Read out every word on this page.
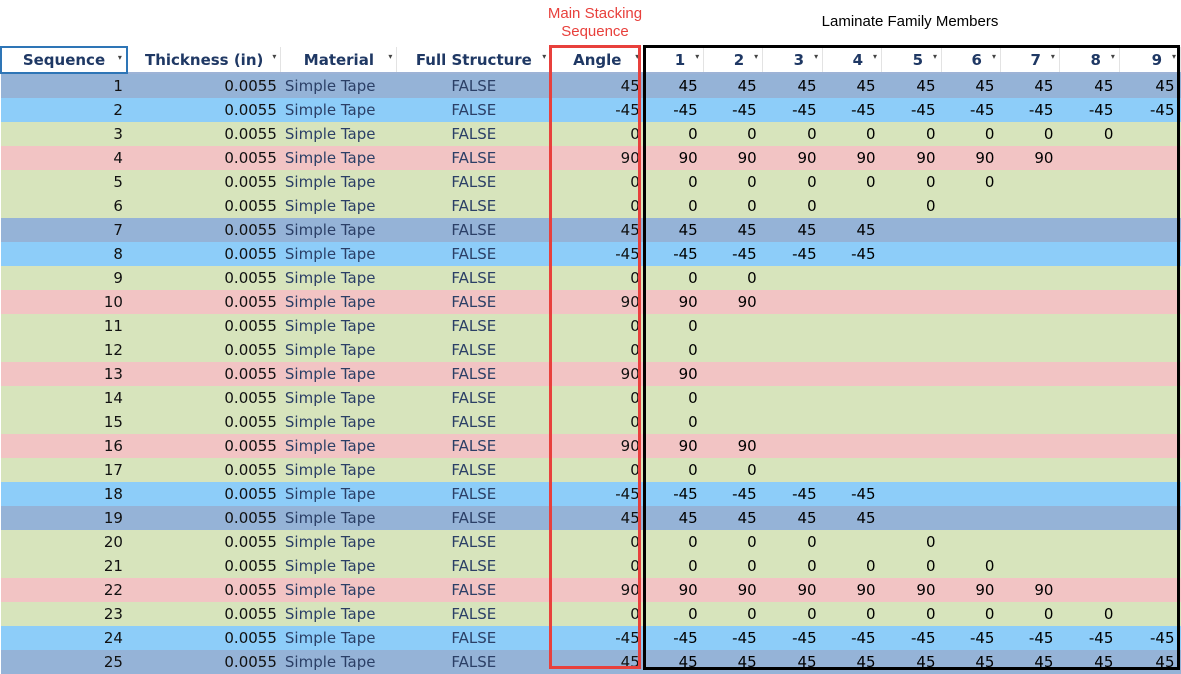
Main Stacking
Sequence
Laminate Family Members
Sequence ▾	Thickness (in) ▾	Material ▾	Full Structure ▾	Angle ▾	1 ▾	2 ▾	3 ▾	4 ▾	5 ▾	6 ▾	7 ▾	8 ▾	9 ▾

1	0.0055	Simple Tape	FALSE	45	45	45	45	45	45	45	45	45	45
2	0.0055	Simple Tape	FALSE	-45	-45	-45	-45	-45	-45	-45	-45	-45	-45
3	0.0055	Simple Tape	FALSE	0	0	0	0	0	0	0	0	0	
4	0.0055	Simple Tape	FALSE	90	90	90	90	90	90	90	90		
5	0.0055	Simple Tape	FALSE	0	0	0	0	0	0	0			
6	0.0055	Simple Tape	FALSE	0	0	0	0		0				
7	0.0055	Simple Tape	FALSE	45	45	45	45	45					
8	0.0055	Simple Tape	FALSE	-45	-45	-45	-45	-45					
9	0.0055	Simple Tape	FALSE	0	0	0							
10	0.0055	Simple Tape	FALSE	90	90	90							
11	0.0055	Simple Tape	FALSE	0	0								
12	0.0055	Simple Tape	FALSE	0	0								
13	0.0055	Simple Tape	FALSE	90	90								
14	0.0055	Simple Tape	FALSE	0	0								
15	0.0055	Simple Tape	FALSE	0	0								
16	0.0055	Simple Tape	FALSE	90	90	90							
17	0.0055	Simple Tape	FALSE	0	0	0							
18	0.0055	Simple Tape	FALSE	-45	-45	-45	-45	-45					
19	0.0055	Simple Tape	FALSE	45	45	45	45	45					
20	0.0055	Simple Tape	FALSE	0	0	0	0		0				
21	0.0055	Simple Tape	FALSE	0	0	0	0	0	0	0			
22	0.0055	Simple Tape	FALSE	90	90	90	90	90	90	90	90		
23	0.0055	Simple Tape	FALSE	0	0	0	0	0	0	0	0	0	
24	0.0055	Simple Tape	FALSE	-45	-45	-45	-45	-45	-45	-45	-45	-45	-45
25	0.0055	Simple Tape	FALSE	45	45	45	45	45	45	45	45	45	45
